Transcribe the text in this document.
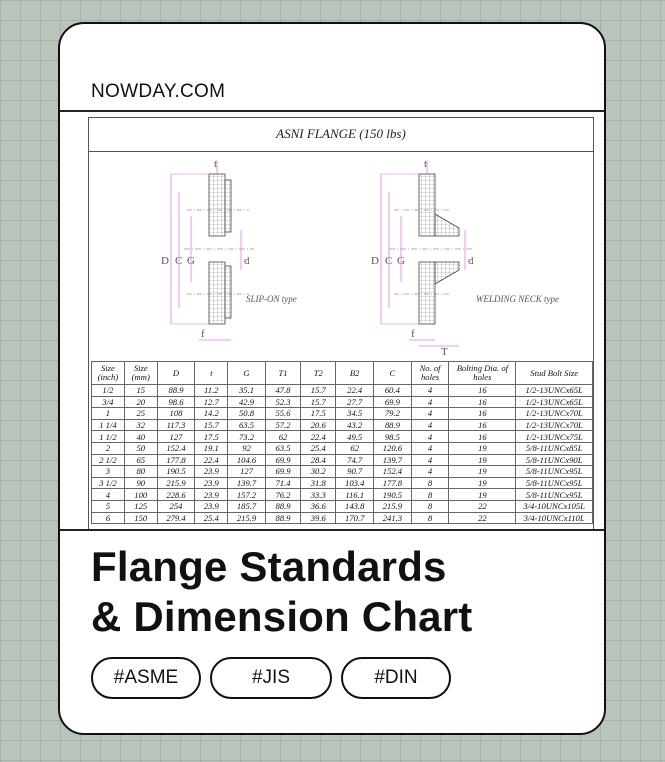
NOWDAY.COM
ASNI FLANGE (150 lbs)
D C G	d
t
f
SLIP-ON type
D C G	d
t
f
T
WELDING NECK type
Size (inch)	Size (mm)	D	t	G	T1	T2	B2	C	No. of holes	Bolting Dia. of holes	Stud Bolt Size
1/2	15	88.9	11.2	35.1	47.8	15.7	22.4	60.4	4	16	1/2-13UNCx65L
3/4	20	98.6	12.7	42.9	52.3	15.7	27.7	69.9	4	16	1/2-13UNCx65L
1	25	108	14.2	50.8	55.6	17.5	34.5	79.2	4	16	1/2-13UNCx70L
1 1/4	32	117.3	15.7	63.5	57.2	20.6	43.2	88.9	4	16	1/2-13UNCx70L
1 1/2	40	127	17.5	73.2	62	22.4	49.5	98.5	4	16	1/2-13UNCx75L
2	50	152.4	19.1	92	63.5	25.4	62	120.6	4	19	5/8-11UNCx85L
2 1/2	65	177.8	22.4	104.6	69.9	28.4	74.7	139.7	4	19	5/8-11UNCx90L
3	80	190.5	23.9	127	69.9	30.2	90.7	152.4	4	19	5/8-11UNCx95L
3 1/2	90	215.9	23.9	139.7	71.4	31.8	103.4	177.8	8	19	5/8-11UNCx95L
4	100	228.6	23.9	157.2	76.2	33.3	116.1	190.5	8	19	5/8-11UNCx95L
5	125	254	23.9	185.7	88.9	36.6	143.8	215.9	8	22	3/4-10UNCx105L
6	150	279.4	25.4	215.9	88.9	39.6	170.7	241.3	8	22	3/4-10UNCx110L
Flange Standards
& Dimension Chart
#ASME	#JIS	#DIN
